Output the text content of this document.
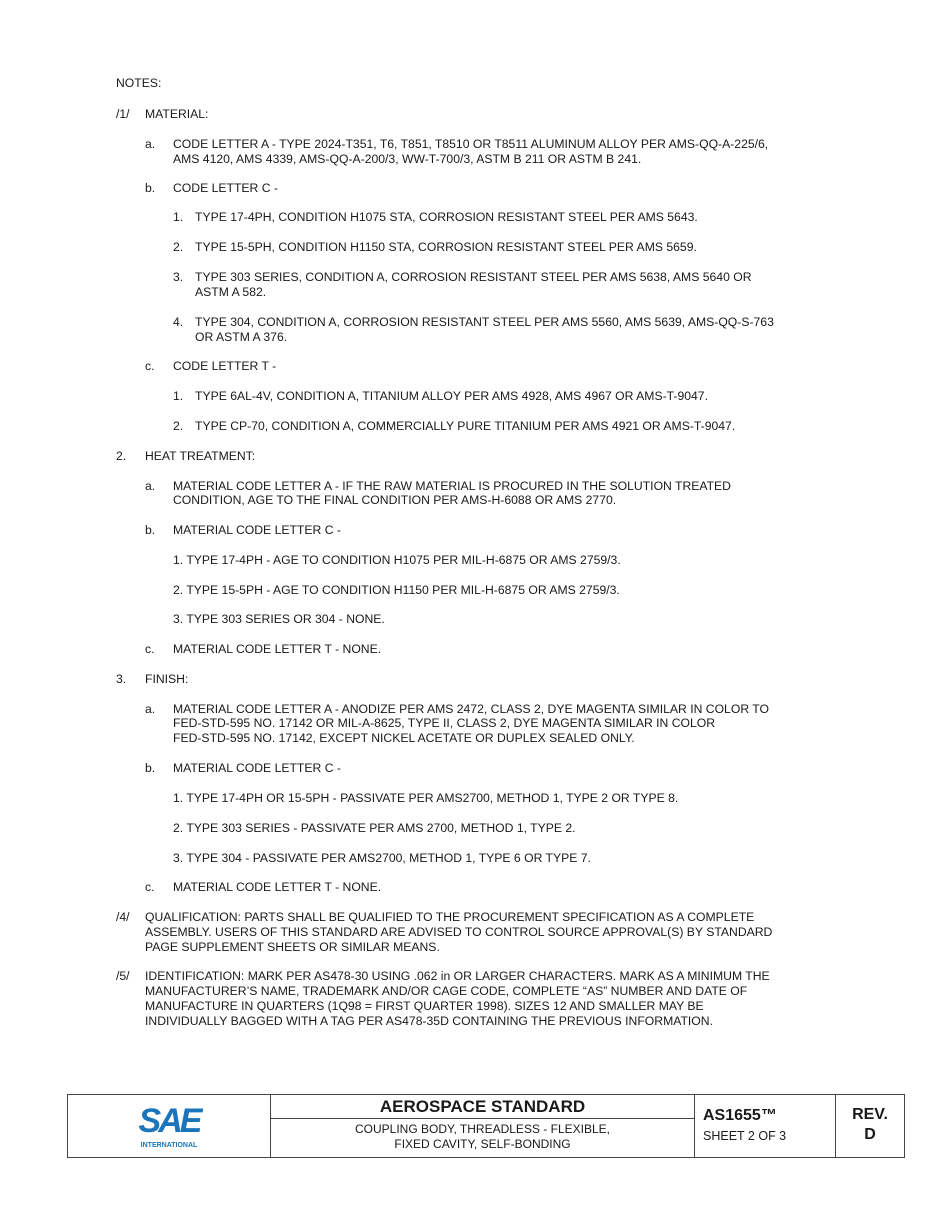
NOTES:
/1/ MATERIAL:
a. CODE LETTER A - TYPE 2024-T351, T6, T851, T8510 OR T8511 ALUMINUM ALLOY PER AMS-QQ-A-225/6,
AMS 4120, AMS 4339, AMS-QQ-A-200/3, WW-T-700/3, ASTM B 211 OR ASTM B 241.
b. CODE LETTER C -
1. TYPE 17-4PH, CONDITION H1075 STA, CORROSION RESISTANT STEEL PER AMS 5643.
2. TYPE 15-5PH, CONDITION H1150 STA, CORROSION RESISTANT STEEL PER AMS 5659.
3. TYPE 303 SERIES, CONDITION A, CORROSION RESISTANT STEEL PER AMS 5638, AMS 5640 OR
ASTM A 582.
4. TYPE 304, CONDITION A, CORROSION RESISTANT STEEL PER AMS 5560, AMS 5639, AMS-QQ-S-763
OR ASTM A 376.
c. CODE LETTER T -
1. TYPE 6AL-4V, CONDITION A, TITANIUM ALLOY PER AMS 4928, AMS 4967 OR AMS-T-9047.
2. TYPE CP-70, CONDITION A, COMMERCIALLY PURE TITANIUM PER AMS 4921 OR AMS-T-9047.
2. HEAT TREATMENT:
a. MATERIAL CODE LETTER A - IF THE RAW MATERIAL IS PROCURED IN THE SOLUTION TREATED
CONDITION, AGE TO THE FINAL CONDITION PER AMS-H-6088 OR AMS 2770.
b. MATERIAL CODE LETTER C -
1. TYPE 17-4PH - AGE TO CONDITION H1075 PER MIL-H-6875 OR AMS 2759/3.
2. TYPE 15-5PH - AGE TO CONDITION H1150 PER MIL-H-6875 OR AMS 2759/3.
3. TYPE 303 SERIES OR 304 - NONE.
c. MATERIAL CODE LETTER T - NONE.
3. FINISH:
a. MATERIAL CODE LETTER A - ANODIZE PER AMS 2472, CLASS 2, DYE MAGENTA SIMILAR IN COLOR TO
FED-STD-595 NO. 17142 OR MIL-A-8625, TYPE II, CLASS 2, DYE MAGENTA SIMILAR IN COLOR
FED-STD-595 NO. 17142, EXCEPT NICKEL ACETATE OR DUPLEX SEALED ONLY.
b. MATERIAL CODE LETTER C -
1. TYPE 17-4PH OR 15-5PH - PASSIVATE PER AMS2700, METHOD 1, TYPE 2 OR TYPE 8.
2. TYPE 303 SERIES - PASSIVATE PER AMS 2700, METHOD 1, TYPE 2.
3. TYPE 304 - PASSIVATE PER AMS2700, METHOD 1, TYPE 6 OR TYPE 7.
c. MATERIAL CODE LETTER T - NONE.
/4/ QUALIFICATION: PARTS SHALL BE QUALIFIED TO THE PROCUREMENT SPECIFICATION AS A COMPLETE
ASSEMBLY. USERS OF THIS STANDARD ARE ADVISED TO CONTROL SOURCE APPROVAL(S) BY STANDARD
PAGE SUPPLEMENT SHEETS OR SIMILAR MEANS.
/5/ IDENTIFICATION: MARK PER AS478-30 USING .062 in OR LARGER CHARACTERS. MARK AS A MINIMUM THE
MANUFACTURER’S NAME, TRADEMARK AND/OR CAGE CODE, COMPLETE “AS” NUMBER AND DATE OF
MANUFACTURE IN QUARTERS (1Q98 = FIRST QUARTER 1998). SIZES 12 AND SMALLER MAY BE
INDIVIDUALLY BAGGED WITH A TAG PER AS478-35D CONTAINING THE PREVIOUS INFORMATION.
SAE
INTERNATIONAL
AEROSPACE STANDARD
COUPLING BODY, THREADLESS - FLEXIBLE,
FIXED CAVITY, SELF-BONDING
AS1655™
SHEET 2 OF 3
REV.
D
